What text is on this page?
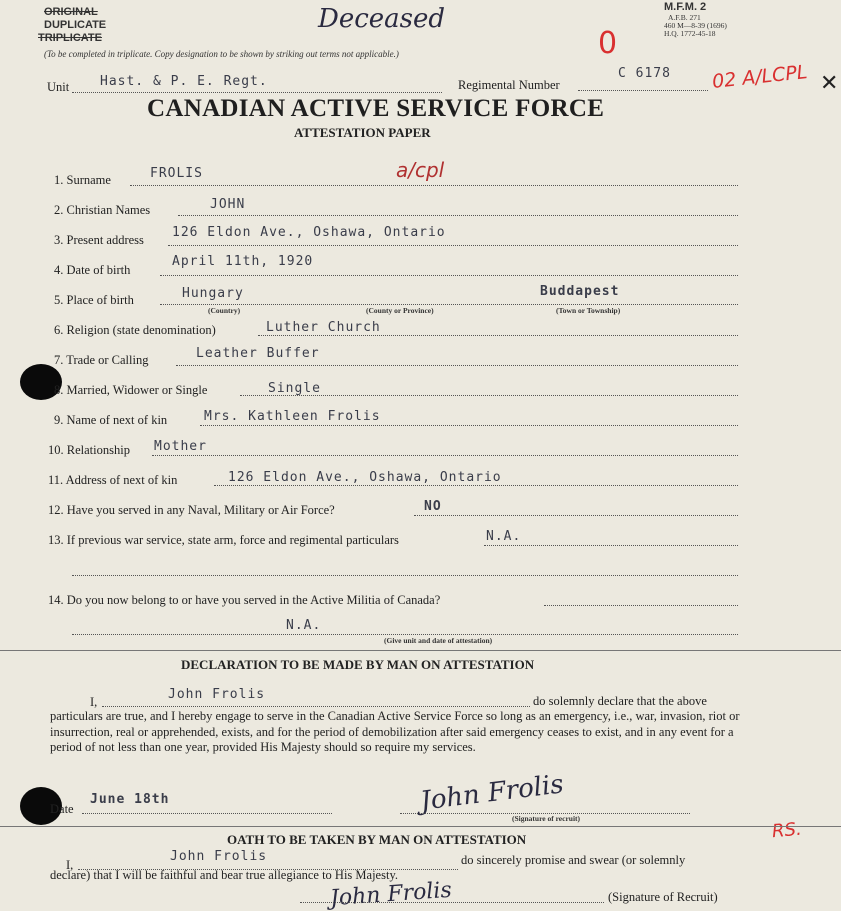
ORIGINAL
DUPLICATE
TRIPLICATE
(To be completed in triplicate. Copy designation to be shown by striking out terms not applicable.)
Deceased	M.F.M. 2
A.F.B. 271
460 M—8-39 (1696)
H.Q. 1772-45-18
0
Unit Hast. & P. E. Regt.	Regimental Number
C 6178 02 A/LCPL ✕
CANADIAN ACTIVE SERVICE FORCE
ATTESTATION PAPER
1. Surname	FROLIS	a/cpl
2. Christian Names	JOHN
3. Present address 126 Eldon Ave., Oshawa, Ontario
4. Date of birth
April 11th, 1920
5. Place of birth	Hungary	Buddapest
(Country)	(County or Province)	(Town or Township)
6. Religion (state denomination)	Luther Church
7. Trade or Calling	Leather Buffer
8. Married, Widower or Single	Single
9. Name of next of kin	Mrs. Kathleen Frolis
10. Relationship Mother
11. Address of next of kin	126 Eldon Ave., Oshawa, Ontario
12. Have you served in any Naval, Military or Air Force?	NO
13. If previous war service, state arm, force and regimental particulars	N.A.
14. Do you now belong to or have you served in the Active Militia of Canada?
N.A.
(Give unit and date of attestation)
DECLARATION TO BE MADE BY MAN ON ATTESTATION
I,	John Frolis	do solemnly declare that the above
particulars are true, and I hereby engage to serve in the Canadian Active Service Force so long as an emergency, i.e., war, invasion, riot or insurrection, real or apprehended, exists, and for the period of demobilization after said emergency ceases to exist, and in any event for a period of not less than one year, provided His Majesty should so require my services.
Date
June 18th	John Frolis
(Signature of recruit)
RS.
OATH TO BE TAKEN BY MAN ON ATTESTATION
I,
John Frolis	do sincerely promise and swear (or solemnly
declare) that I will be faithful and bear true allegiance to His Majesty.
John Frolis	(Signature of Recruit)
